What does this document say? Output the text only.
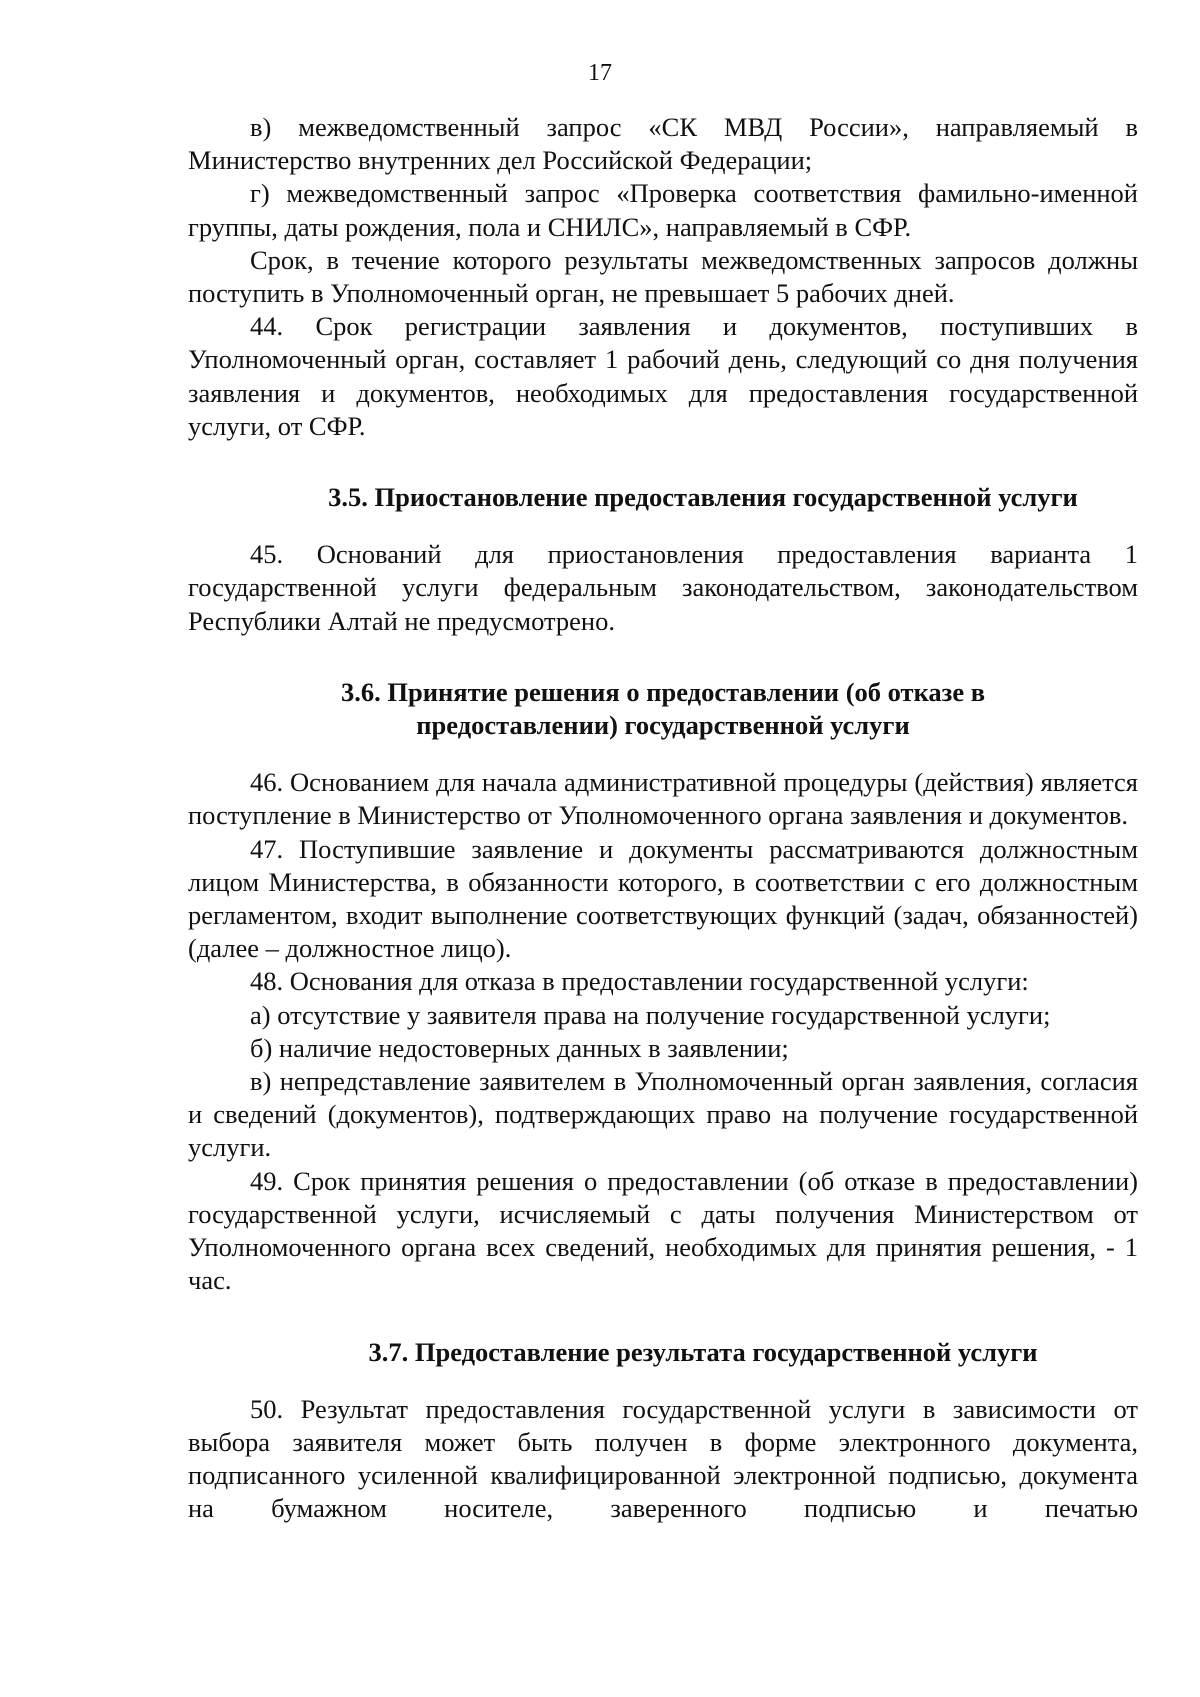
17

в) межведомственный запрос «СК МВД России», направляемый в Министерство внутренних дел Российской Федерации;

г) межведомственный запрос «Проверка соответствия фамильно-именной группы, даты рождения, пола и СНИЛС», направляемый в СФР.

Срок, в течение которого результаты межведомственных запросов должны поступить в Уполномоченный орган, не превышает 5 рабочих дней.

44. Срок регистрации заявления и документов, поступивших в Уполномоченный орган, составляет 1 рабочий день, следующий со дня получения заявления и документов, необходимых для предоставления государственной услуги, от СФР.

3.5. Приостановление предоставления государственной услуги

45. Оснований для приостановления предоставления варианта 1 государственной услуги федеральным законодательством, законодательством Республики Алтай не предусмотрено.

3.6. Принятие решения о предоставлении (об отказе в предоставлении) государственной услуги

46. Основанием для начала административной процедуры (действия) является поступление в Министерство от Уполномоченного органа заявления и документов.

47. Поступившие заявление и документы рассматриваются должностным лицом Министерства, в обязанности которого, в соответствии с его должностным регламентом, входит выполнение соответствующих функций (задач, обязанностей) (далее – должностное лицо).

48. Основания для отказа в предоставлении государственной услуги:

а) отсутствие у заявителя права на получение государственной услуги;

б) наличие недостоверных данных в заявлении;

в) непредставление заявителем в Уполномоченный орган заявления, согласия и сведений (документов), подтверждающих право на получение государственной услуги.

49. Срок принятия решения о предоставлении (об отказе в предоставлении) государственной услуги, исчисляемый с даты получения Министерством от Уполномоченного органа всех сведений, необходимых для принятия решения, - 1 час.

3.7. Предоставление результата государственной услуги

50. Результат предоставления государственной услуги в зависимости от выбора заявителя может быть получен в форме электронного документа, подписанного усиленной квалифицированной электронной подписью, документа на бумажном носителе, заверенного подписью и печатью
